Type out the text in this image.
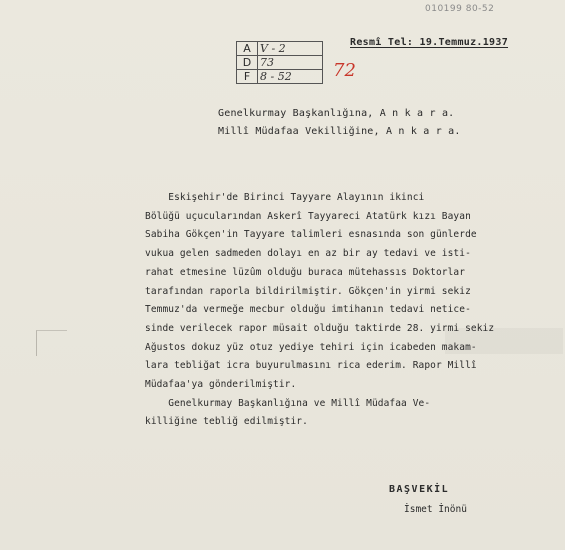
010199 80-52
A	V - 2
D	73
F	8 - 52 72
Resmî Tel: 19.Temmuz.1937
Genelkurmay Başkanlığına, A n k a r a.
Millî Müdafaa Vekilliğine, A n k a r a.

Eskişehir'de Birinci Tayyare Alayının ikinci

Bölüğü uçucularından Askerî Tayyareci Atatürk kızı Bayan

Sabiha Gökçen'in Tayyare talimleri esnasında son günlerde

vukua gelen sadmeden dolayı en az bir ay tedavi ve isti-

rahat etmesine lüzûm olduğu buraca mütehassıs Doktorlar

tarafından raporla bildirilmiştir. Gökçen'in yirmi sekiz

Temmuz'da vermeğe mecbur olduğu imtihanın tedavi netice-

sinde verilecek rapor müsait olduğu taktirde 28. yirmi sekiz

Ağustos dokuz yüz otuz yediye tehiri için icabeden makam-

lara tebliğat icra buyurulmasını rica ederim. Rapor Millî

Müdafaa'ya gönderilmiştir.

Genelkurmay Başkanlığına ve Millî Müdafaa Ve-

killiğine tebliğ edilmiştir.

BAŞVEKİL
İsmet İnönü
